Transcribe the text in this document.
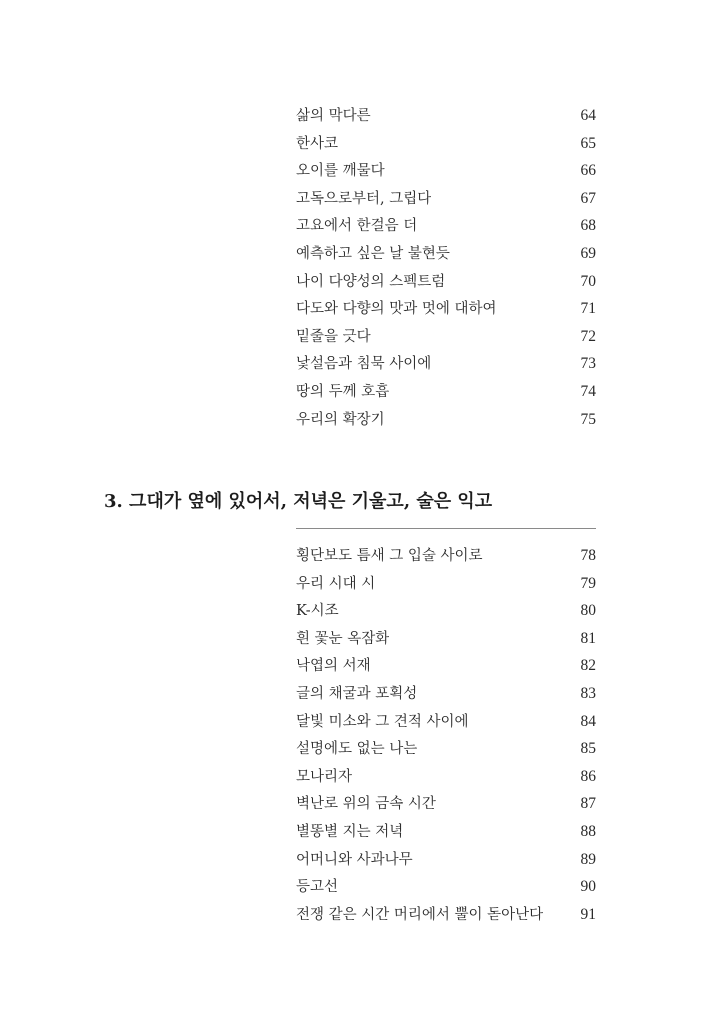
삶의 막다른	64
한사코	65
오이를 깨물다	66
고독으로부터, 그립다	67
고요에서 한걸음 더	68
예측하고 싶은 날 불현듯	69
나이 다양성의 스펙트럼	70
다도와 다향의 맛과 멋에 대하여	71
밑줄을 긋다	72
낯설음과 침묵 사이에	73
땅의 두께 호흡	74
우리의 확장기	75
3. 그대가 옆에 있어서, 저녁은 기울고, 술은 익고
횡단보도 틈새 그 입술 사이로	78
우리 시대 시	79
K-시조	80
흰 꽃눈 옥잠화	81
낙엽의 서재	82
글의 채굴과 포획성	83
달빛 미소와 그 견적 사이에	84
설명에도 없는 나는	85
모나리자	86
벽난로 위의 금속 시간	87
별똥별 지는 저녁	88
어머니와 사과나무	89
등고선	90
전쟁 같은 시간 머리에서 뿔이 돋아난다	91
